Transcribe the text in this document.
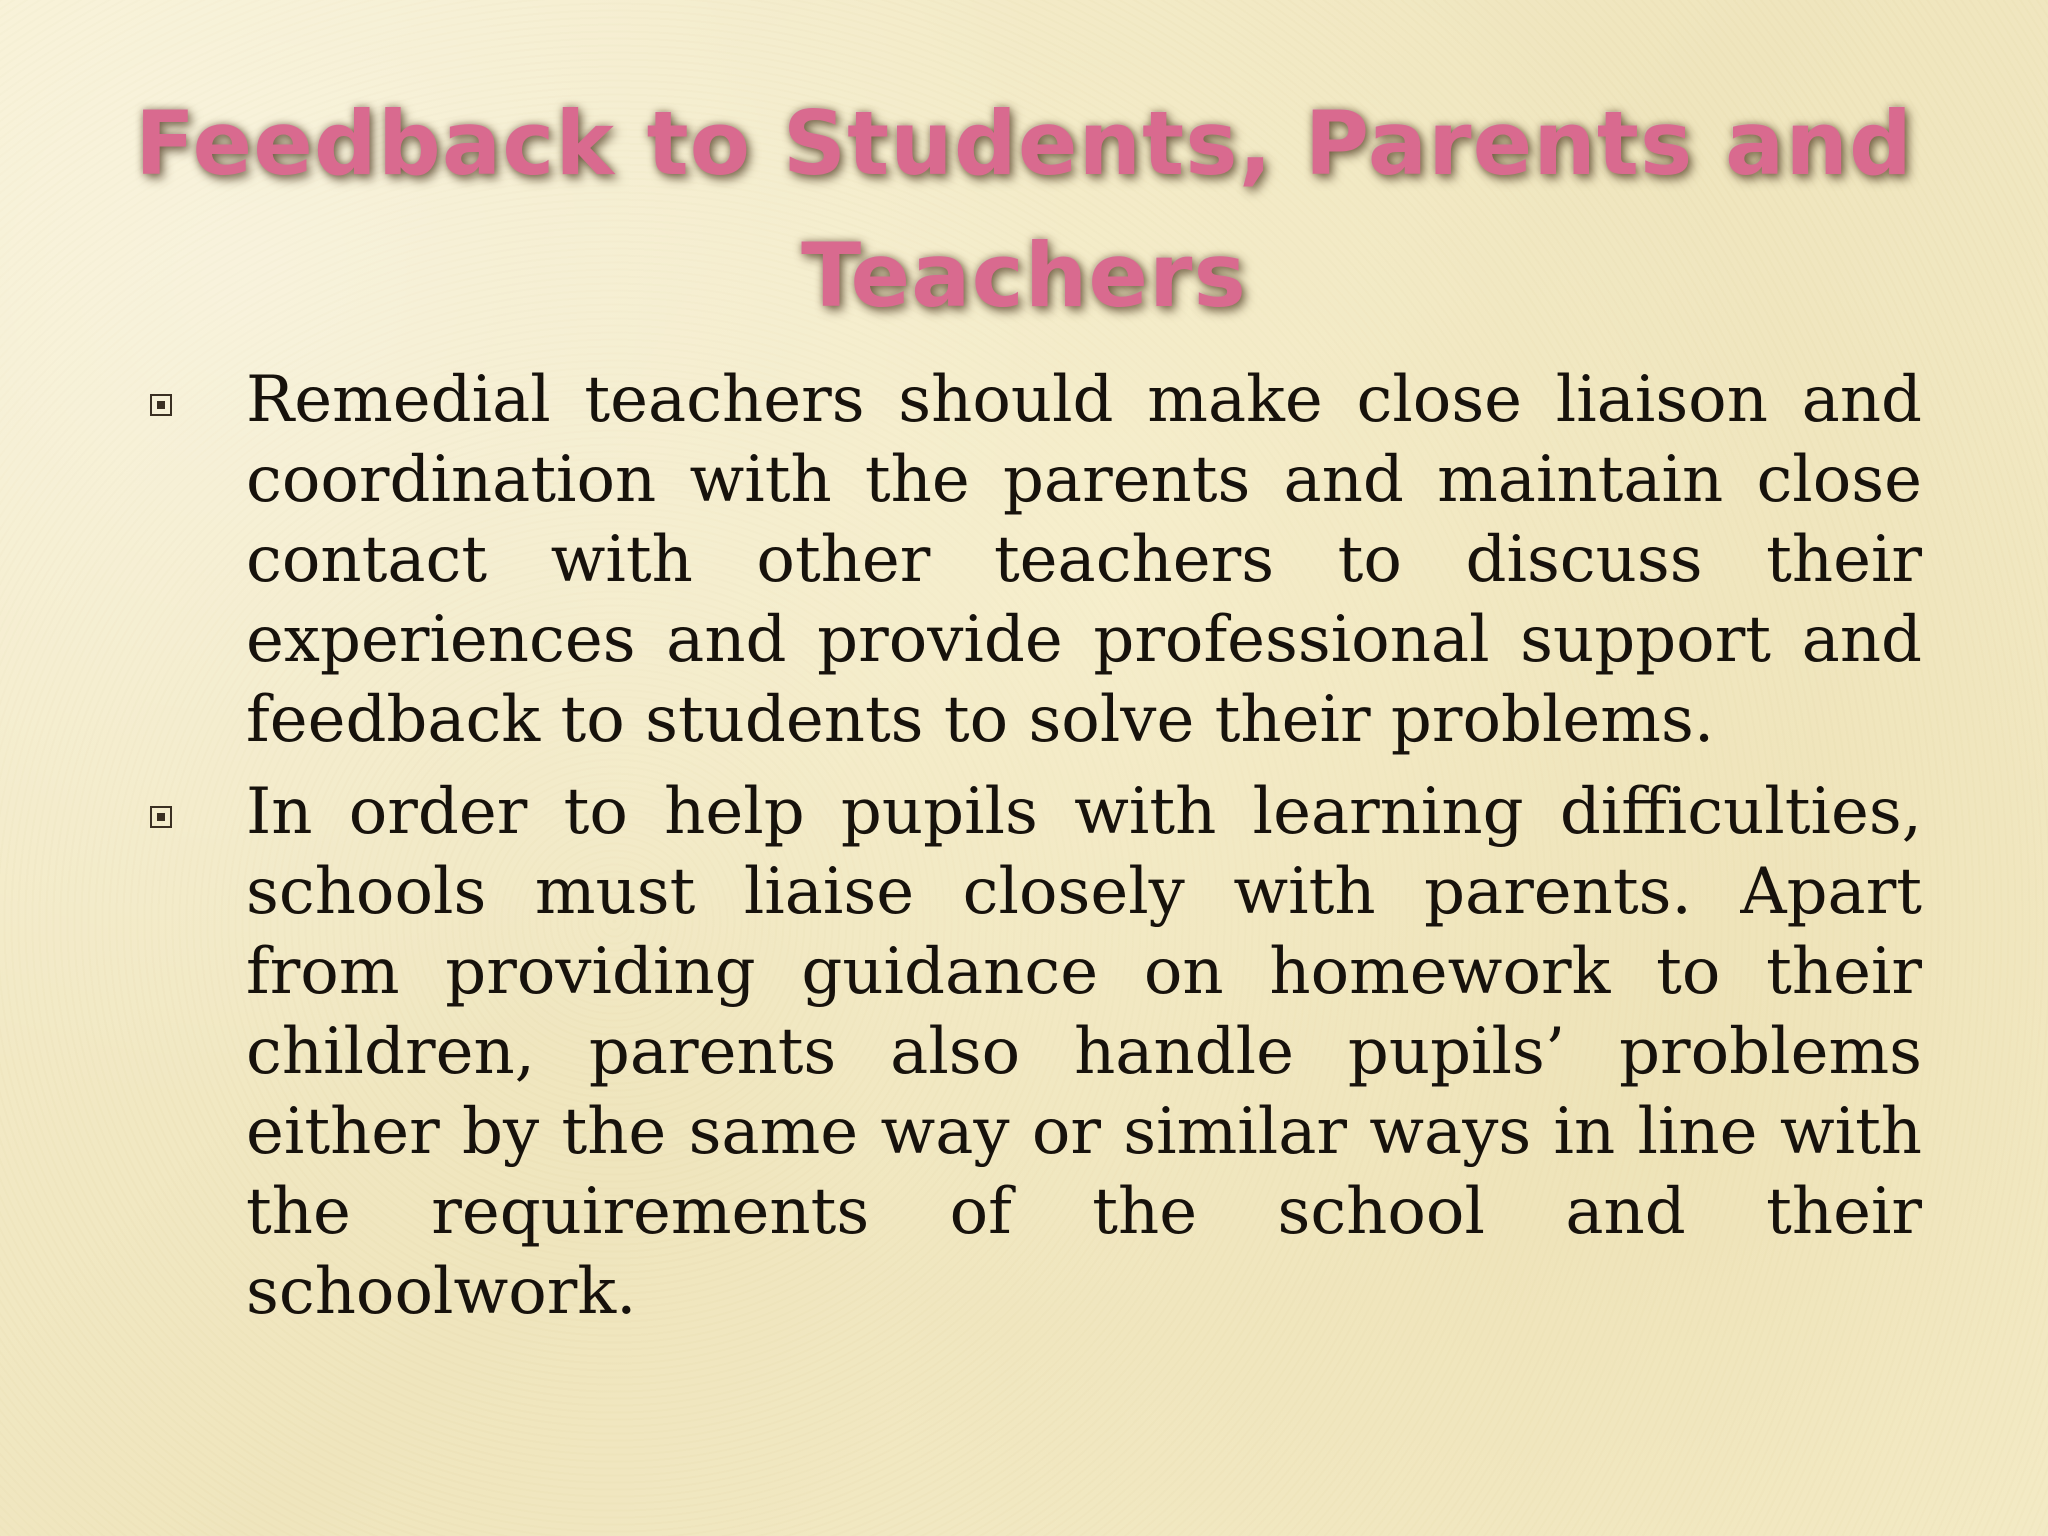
Feedback to Students, Parents and Teachers

Remedial teachers should make close liaison and coordination with the parents and maintain close contact with other teachers to discuss their experiences and provide professional support and feedback to students to solve their problems.

In order to help pupils with learning difficulties, schools must liaise closely with parents. Apart from providing guidance on homework to their children, parents also handle pupils’ problems either by the same way or similar ways in line with the requirements of the school and their schoolwork.
